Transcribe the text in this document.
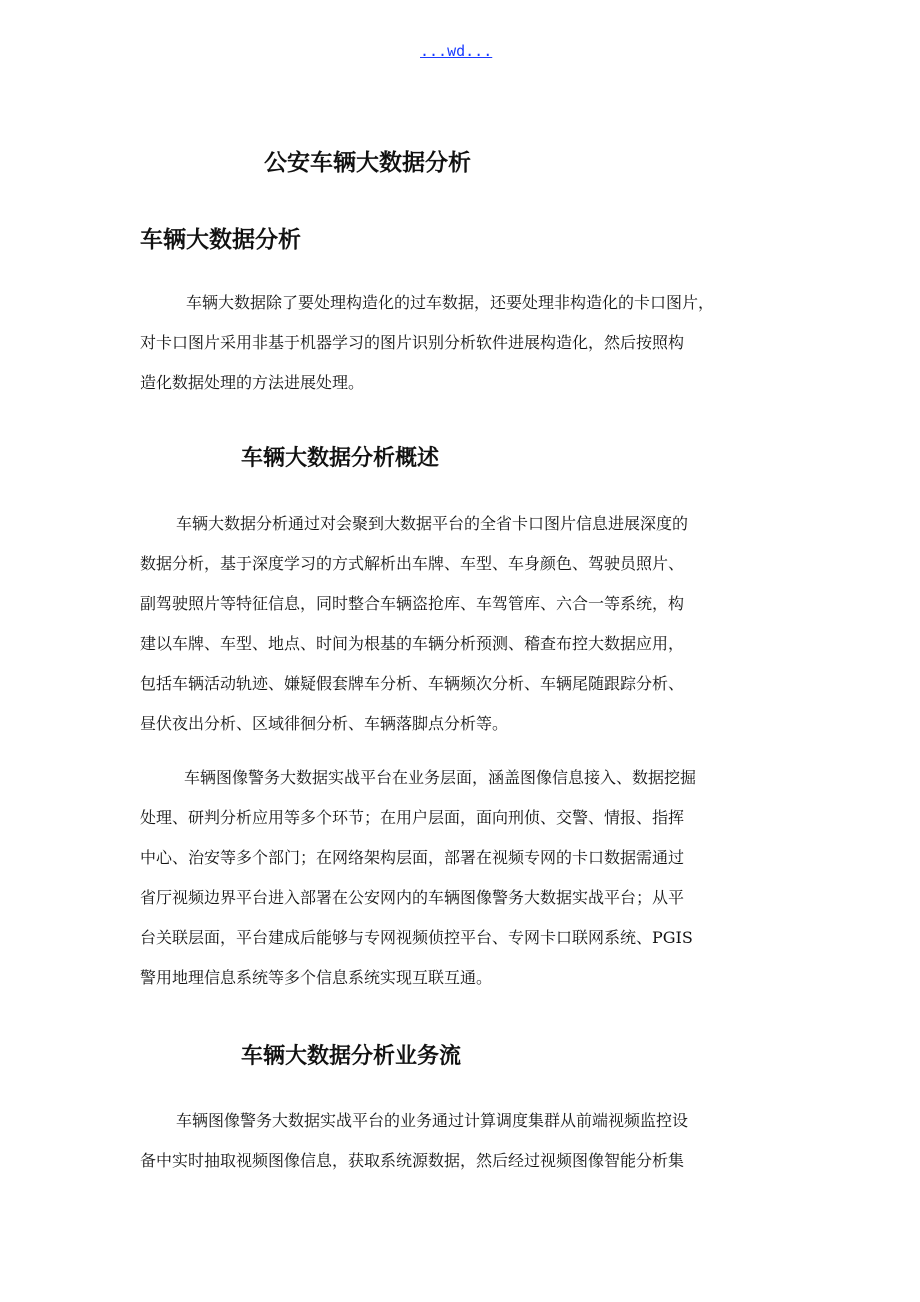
...wd...
公安车辆大数据分析
车辆大数据分析
车辆大数据除了要处理构造化的过车数据，还要处理非构造化的卡口图片，
对卡口图片采用非基于机器学习的图片识别分析软件进展构造化，然后按照构
造化数据处理的方法进展处理。
车辆大数据分析概述
车辆大数据分析通过对会聚到大数据平台的全省卡口图片信息进展深度的
数据分析，基于深度学习的方式解析出车牌、车型、车身颜色、驾驶员照片、
副驾驶照片等特征信息，同时整合车辆盗抢库、车驾管库、六合一等系统，构
建以车牌、车型、地点、时间为根基的车辆分析预测、稽查布控大数据应用，
包括车辆活动轨迹、嫌疑假套牌车分析、车辆频次分析、车辆尾随跟踪分析、
昼伏夜出分析、区域徘徊分析、车辆落脚点分析等。
车辆图像警务大数据实战平台在业务层面，涵盖图像信息接入、数据挖掘
处理、研判分析应用等多个环节；在用户层面，面向刑侦、交警、情报、指挥
中心、治安等多个部门；在网络架构层面，部署在视频专网的卡口数据需通过
省厅视频边界平台进入部署在公安网内的车辆图像警务大数据实战平台；从平
台关联层面，平台建成后能够与专网视频侦控平台、专网卡口联网系统、PGIS
警用地理信息系统等多个信息系统实现互联互通。
车辆大数据分析业务流
车辆图像警务大数据实战平台的业务通过计算调度集群从前端视频监控设
备中实时抽取视频图像信息，获取系统源数据，然后经过视频图像智能分析集
